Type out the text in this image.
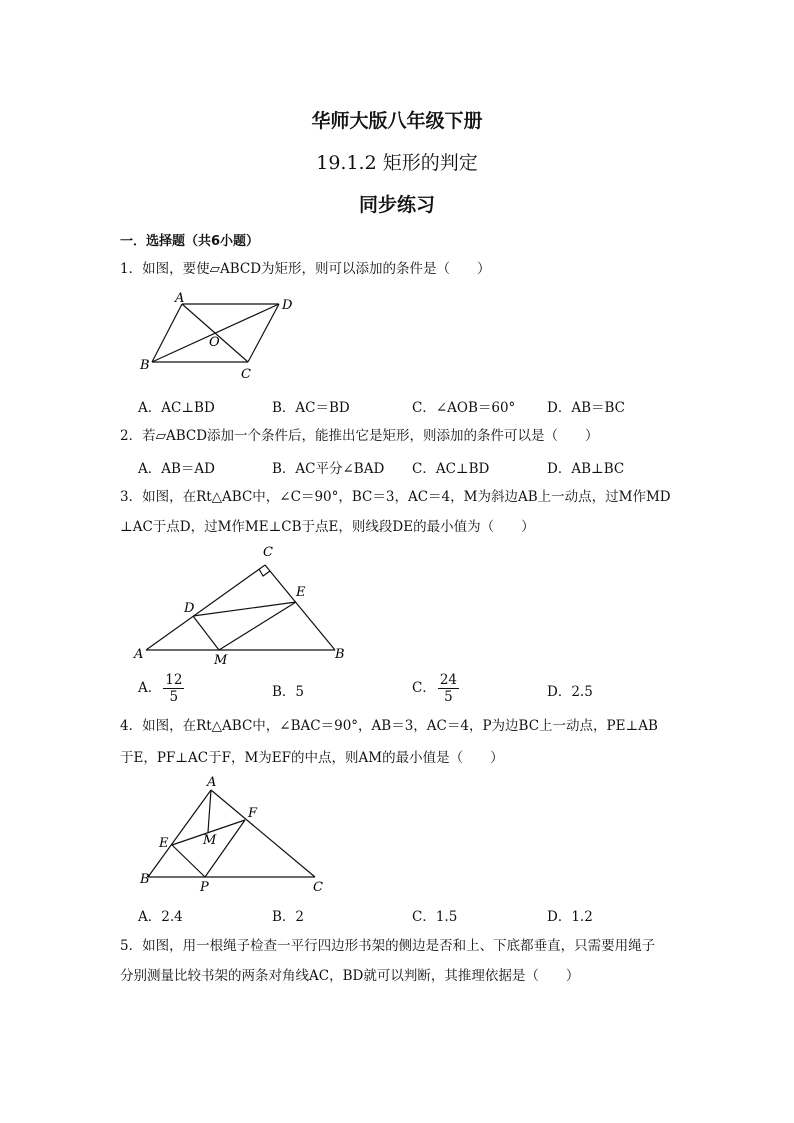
华师大版八年级下册
19.1.2 矩形的判定
同步练习
一．选择题（共6小题）
1．如图，要使▱ABCD为矩形，则可以添加的条件是（　　）
A	D
B
C
O
A．AC⊥BD	B．AC＝BD	C．∠AOB＝60° D．AB＝BC
2．若▱ABCD添加一个条件后，能推出它是矩形，则添加的条件可以是（　　）
A．AB＝AD	B．AC平分∠BAD C．AC⊥BD	D．AB⊥BC
3．如图，在Rt△ABC中，∠C＝90°，BC＝3，AC＝4，M为斜边AB上一动点，过M作MD
⊥AC于点D，过M作ME⊥CB于点E，则线段DE的最小值为（　　）
C
E
D
A	M	B
A． $\frac{12}{5}$	B．5	C． $\frac{24}{5}$	D．2.5
4．如图，在Rt△ABC中，∠BAC＝90°，AB＝3，AC＝4，P为边BC上一动点，PE⊥AB
于E，PF⊥AC于F，M为EF的中点，则AM的最小值是（　　）
A
F
E	M
B
P	C
A．2.4	B．2	C．1.5	D．1.2
5．如图，用一根绳子检查一平行四边形书架的侧边是否和上、下底都垂直，只需要用绳子
分别测量比较书架的两条对角线AC，BD就可以判断，其推理依据是（　　）
